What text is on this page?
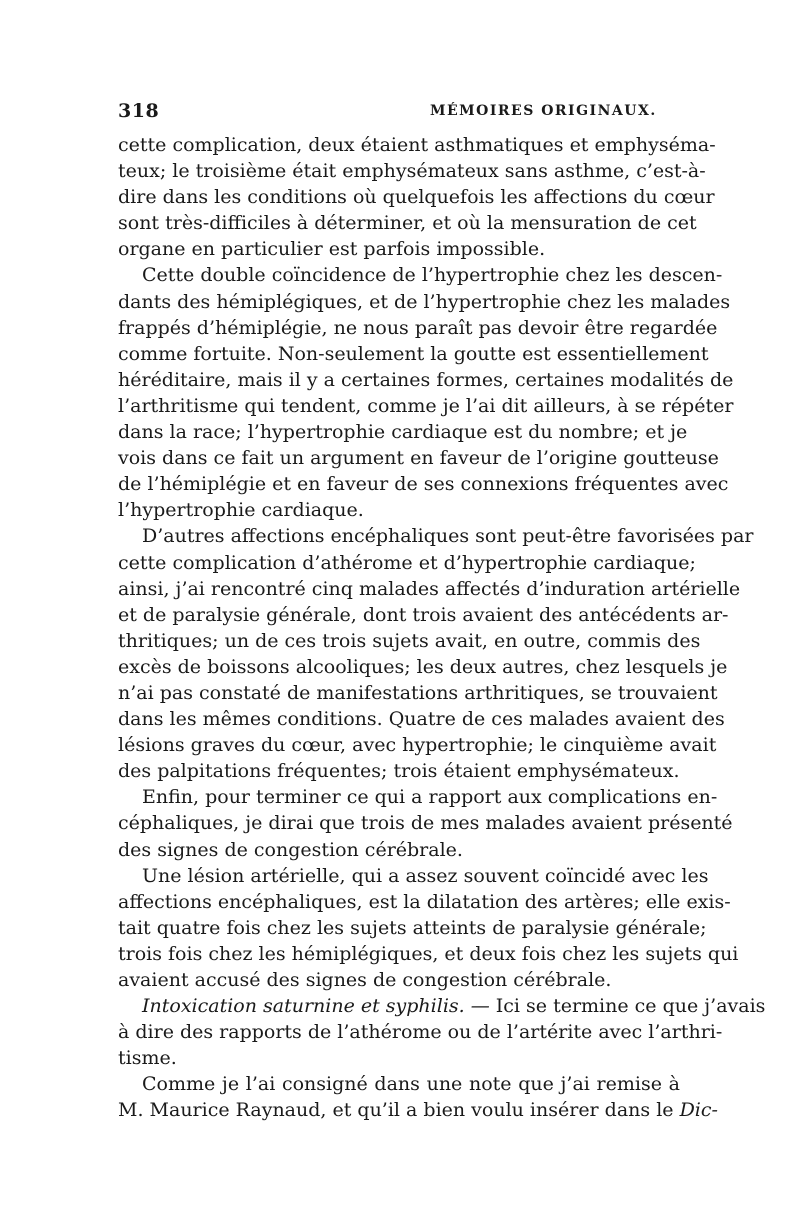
318	MÉMOIRES ORIGINAUX.
cette complication, deux étaient asthmatiques et emphyséma-
teux; le troisième était emphysémateux sans asthme, c’est-à-
dire dans les conditions où quelquefois les affections du cœur
sont très-difficiles à déterminer, et où la mensuration de cet
organe en particulier est parfois impossible.
Cette double coïncidence de l’hypertrophie chez les descen-
dants des hémiplégiques, et de l’hypertrophie chez les malades
frappés d’hémiplégie, ne nous paraît pas devoir être regardée
comme fortuite. Non-seulement la goutte est essentiellement
héréditaire, mais il y a certaines formes, certaines modalités de
l’arthritisme qui tendent, comme je l’ai dit ailleurs, à se répéter
dans la race; l’hypertrophie cardiaque est du nombre; et je
vois dans ce fait un argument en faveur de l’origine goutteuse
de l’hémiplégie et en faveur de ses connexions fréquentes avec
l’hypertrophie cardiaque.
D’autres affections encéphaliques sont peut-être favorisées par
cette complication d’athérome et d’hypertrophie cardiaque;
ainsi, j’ai rencontré cinq malades affectés d’induration artérielle
et de paralysie générale, dont trois avaient des antécédents ar-
thritiques; un de ces trois sujets avait, en outre, commis des
excès de boissons alcooliques; les deux autres, chez lesquels je
n’ai pas constaté de manifestations arthritiques, se trouvaient
dans les mêmes conditions. Quatre de ces malades avaient des
lésions graves du cœur, avec hypertrophie; le cinquième avait
des palpitations fréquentes; trois étaient emphysémateux.
Enfin, pour terminer ce qui a rapport aux complications en-
céphaliques, je dirai que trois de mes malades avaient présenté
des signes de congestion cérébrale.
Une lésion artérielle, qui a assez souvent coïncidé avec les
affections encéphaliques, est la dilatation des artères; elle exis-
tait quatre fois chez les sujets atteints de paralysie générale;
trois fois chez les hémiplégiques, et deux fois chez les sujets qui
avaient accusé des signes de congestion cérébrale.
Intoxication saturnine et syphilis. — Ici se termine ce que j’avais
à dire des rapports de l’athérome ou de l’artérite avec l’arthri-
tisme.
Comme je l’ai consigné dans une note que j’ai remise à
M. Maurice Raynaud, et qu’il a bien voulu insérer dans le Dic-
